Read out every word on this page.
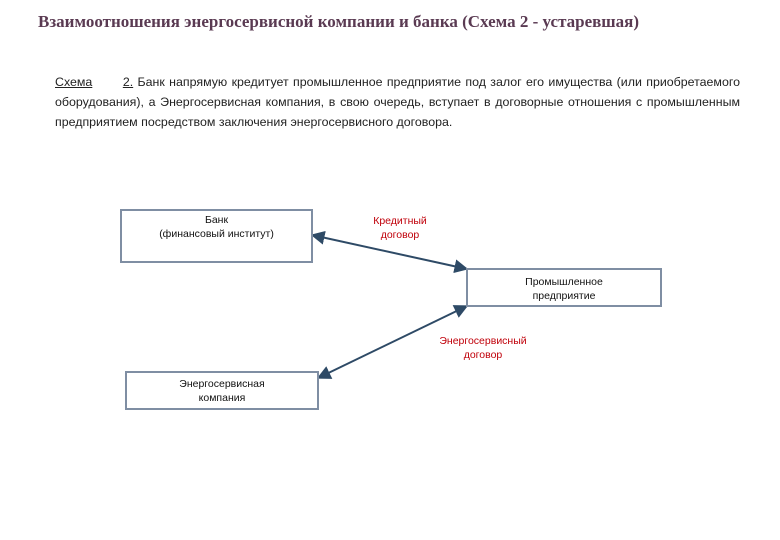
Взаимоотношения энергосервисной компании и банка (Схема 2 - устаревшая)
Схема 2. Банк напрямую кредитует промышленное предприятие под залог его имущества (или приобретаемого оборудования), а Энергосервисная компания, в свою очередь, вступает в договорные отношения с промышленным предприятием посредством заключения энергосервисного договора.
Банк
(финансовый институт)
Кредитный
договор
Промышленное
предприятие
Энергосервисный
договор
Энергосервисная
компания
